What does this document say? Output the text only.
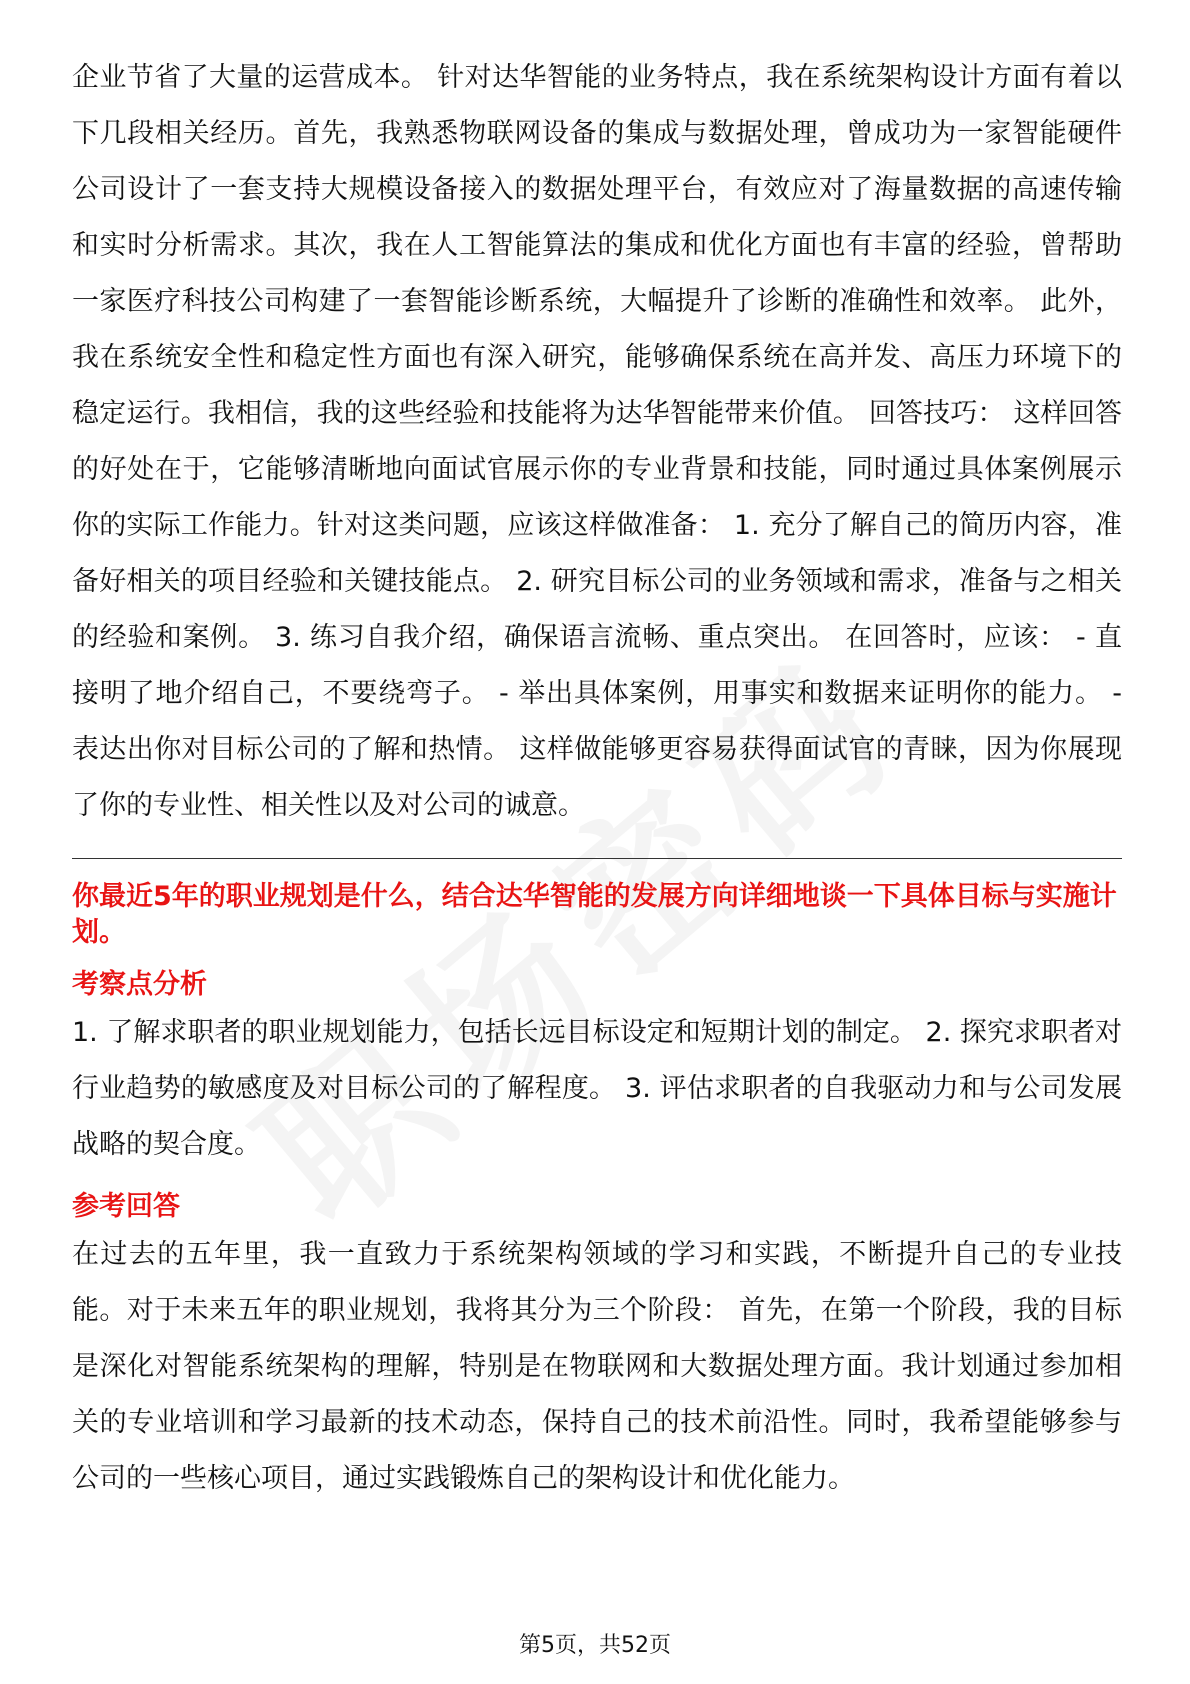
企业节省了大量的运营成本。 针对达华智能的业务特点，我在系统架构设计方面有着以下几段相关经历。首先，我熟悉物联网设备的集成与数据处理，曾成功为一家智能硬件公司设计了一套支持大规模设备接入的数据处理平台，有效应对了海量数据的高速传输和实时分析需求。其次，我在人工智能算法的集成和优化方面也有丰富的经验，曾帮助一家医疗科技公司构建了一套智能诊断系统，大幅提升了诊断的准确性和效率。 此外，我在系统安全性和稳定性方面也有深入研究，能够确保系统在高并发、高压力环境下的稳定运行。我相信，我的这些经验和技能将为达华智能带来价值。 回答技巧： 这样回答的好处在于，它能够清晰地向面试官展示你的专业背景和技能，同时通过具体案例展示你的实际工作能力。针对这类问题，应该这样做准备： 1. 充分了解自己的简历内容，准备好相关的项目经验和关键技能点。 2. 研究目标公司的业务领域和需求，准备与之相关的经验和案例。 3. 练习自我介绍，确保语言流畅、重点突出。 在回答时，应该： - 直接明了地介绍自己，不要绕弯子。 - 举出具体案例，用事实和数据来证明你的能力。 - 表达出你对目标公司的了解和热情。 这样做能够更容易获得面试官的青睐，因为你展现了你的专业性、相关性以及对公司的诚意。

你最近5年的职业规划是什么，结合达华智能的发展方向详细地谈一下具体目标与实施计划。

考察点分析

1. 了解求职者的职业规划能力，包括长远目标设定和短期计划的制定。 2. 探究求职者对行业趋势的敏感度及对目标公司的了解程度。 3. 评估求职者的自我驱动力和与公司发展战略的契合度。

参考回答

在过去的五年里，我一直致力于系统架构领域的学习和实践，不断提升自己的专业技能。对于未来五年的职业规划，我将其分为三个阶段： 首先，在第一个阶段，我的目标是深化对智能系统架构的理解，特别是在物联网和大数据处理方面。我计划通过参加相关的专业培训和学习最新的技术动态，保持自己的技术前沿性。同时，我希望能够参与公司的一些核心项目，通过实践锻炼自己的架构设计和优化能力。

第5页，共52页
